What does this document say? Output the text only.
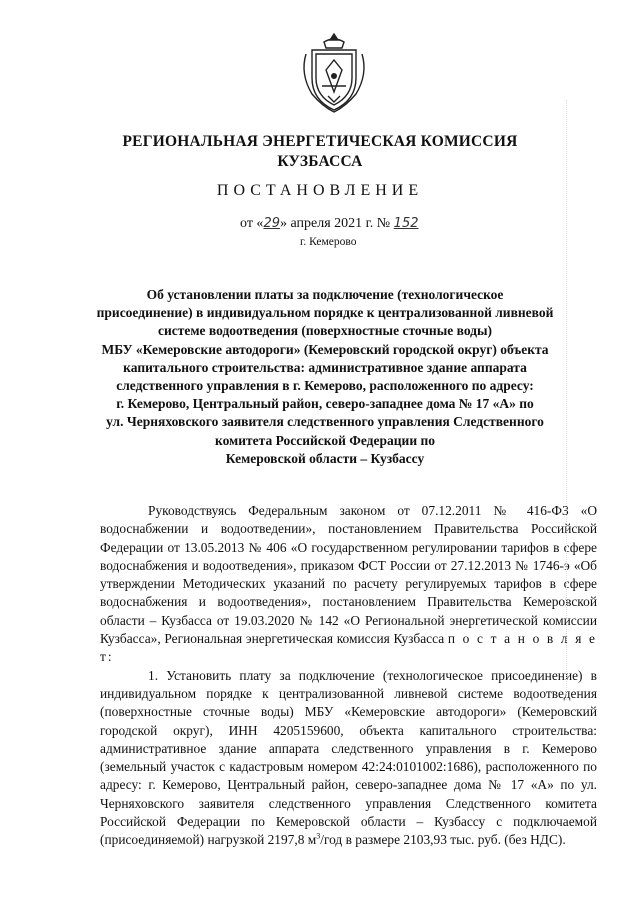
РЕГИОНАЛЬНАЯ ЭНЕРГЕТИЧЕСКАЯ КОМИССИЯ
КУЗБАССА
ПОСТАНОВЛЕНИЕ
от «29» апреля 2021 г. № 152
г. Кемерово
Об установлении платы за подключение (технологическое
присоединение) в индивидуальном порядке к централизованной ливневой
системе водоотведения (поверхностные сточные воды)
МБУ «Кемеровские автодороги» (Кемеровский городской округ) объекта
капитального строительства: административное здание аппарата
следственного управления в г. Кемерово, расположенного по адресу:
г. Кемерово, Центральный район, северо-западнее дома № 17 «А» по
ул. Черняховского заявителя следственного управления Следственного
комитета Российской Федерации по
Кемеровской области – Кузбассу

Руководствуясь Федеральным законом от 07.12.2011 № 416-ФЗ «О водоснабжении и водоотведении», постановлением Правительства Российской Федерации от 13.05.2013 № 406 «О государственном регулировании тарифов в сфере водоснабжения и водоотведения», приказом ФСТ России от 27.12.2013 № 1746-э «Об утверждении Методических указаний по расчету регулируемых тарифов в сфере водоснабжения и водоотведения», постановлением Правительства Кемеровской области – Кузбасса от 19.03.2020 № 142 «О Региональной энергетической комиссии Кузбасса», Региональная энергетическая комиссия Кузбасса п о с т а н о в л я е т:

1. Установить плату за подключение (технологическое присоединение) в индивидуальном порядке к централизованной ливневой системе водоотведения (поверхностные сточные воды) МБУ «Кемеровские автодороги» (Кемеровский городской округ), ИНН 4205159600, объекта капитального строительства: административное здание аппарата следственного управления в г. Кемерово (земельный участок с кадастровым номером 42:24:0101002:1686), расположенного по адресу: г. Кемерово, Центральный район, северо-западнее дома № 17 «А» по ул. Черняховского заявителя следственного управления Следственного комитета Российской Федерации по Кемеровской области – Кузбассу с подключаемой (присоединяемой) нагрузкой 2197,8 $м^3$/год в размере 2103,93 тыс. руб. (без НДС).
